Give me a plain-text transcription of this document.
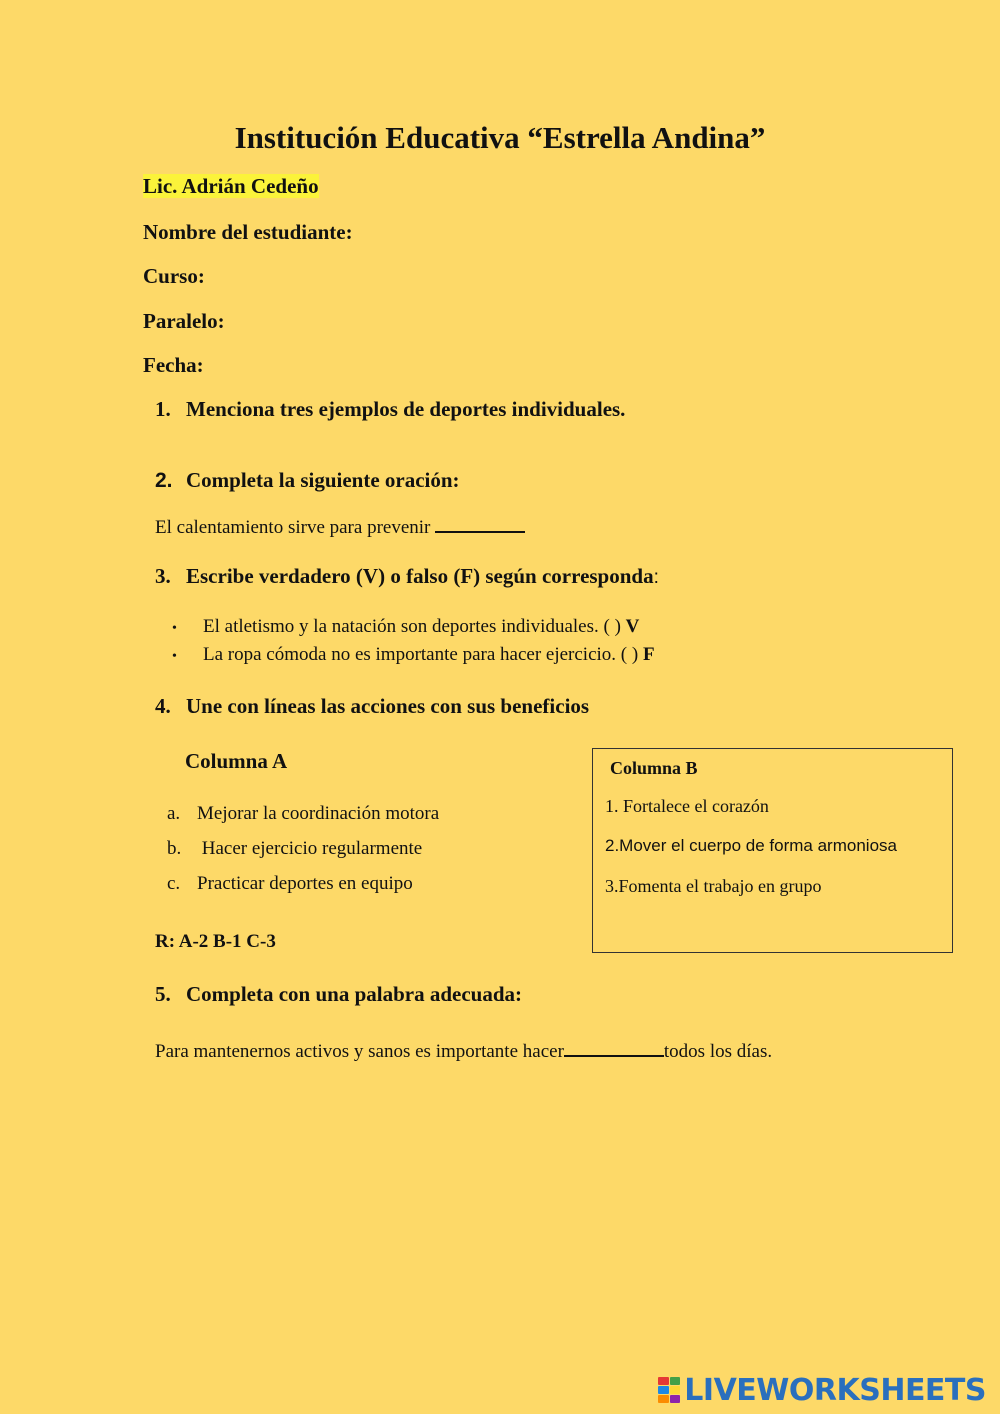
Institución Educativa “Estrella Andina”
Lic. Adrián Cedeño
Nombre del estudiante:
Curso:
Paralelo:
Fecha:
1. Menciona tres ejemplos de deportes individuales.
2. Completa la siguiente oración:
El calentamiento sirve para prevenir
3. Escribe verdadero (V) o falso (F) según corresponda:
• El atletismo y la natación son deportes individuales. ( ) V
• La ropa cómoda no es importante para hacer ejercicio. ( ) F
4. Une con líneas las acciones con sus beneficios
Columna A
a. Mejorar la coordinación motora
b. Hacer ejercicio regularmente
c. Practicar deportes en equipo
Columna B
1. Fortalece el corazón
2.Mover el cuerpo de forma armoniosa
3.Fomenta el trabajo en grupo
R: A-2 B-1 C-3
5. Completa con una palabra adecuada:
Para mantenernos activos y sanos es importante hacer	todos los días.
LIVEWORKSHEETS
